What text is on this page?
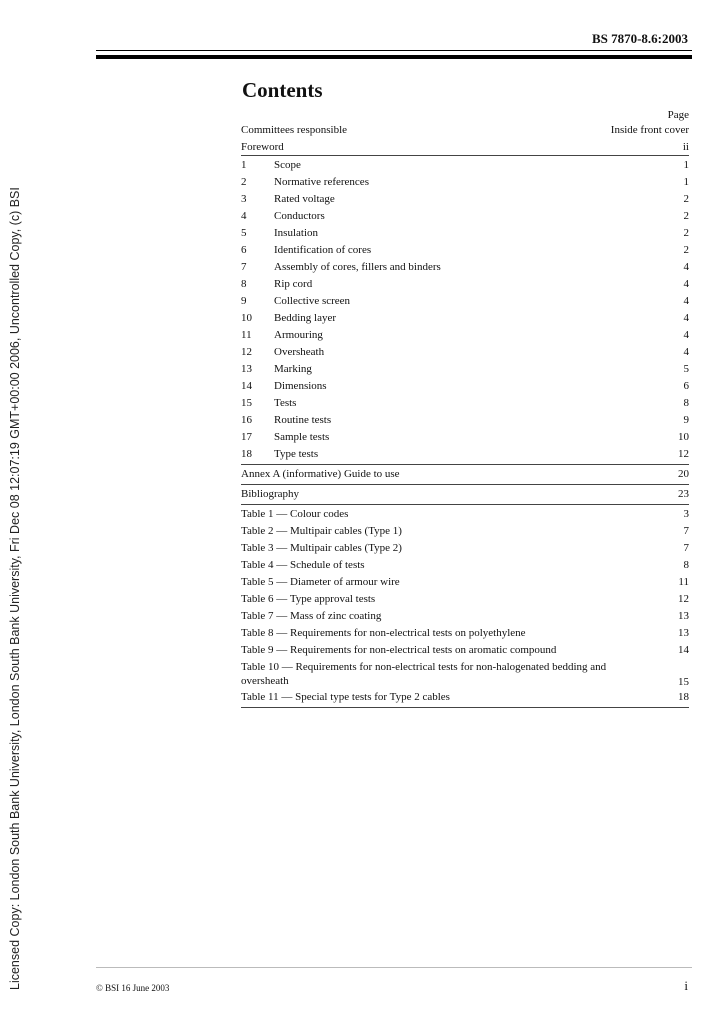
Licensed Copy: London South Bank University, London South Bank University, Fri Dec 08 12:07:19 GMT+00:00 2006, Uncontrolled Copy, (c) BSI
BS 7870-8.6:2003
Contents
Page
Committees responsible	Inside front cover
Foreword	ii
1	Scope	1
2	Normative references	1
3	Rated voltage	2
4	Conductors	2
5	Insulation	2
6	Identification of cores	2
7	Assembly of cores, fillers and binders	4
8	Rip cord	4
9	Collective screen	4
10	Bedding layer	4
11	Armouring	4
12	Oversheath	4
13	Marking	5
14	Dimensions	6
15	Tests	8
16	Routine tests	9
17	Sample tests	10
18	Type tests	12
Annex A (informative) Guide to use	20
Bibliography	23
Table 1 — Colour codes	3
Table 2 — Multipair cables (Type 1)	7
Table 3 — Multipair cables (Type 2)	7
Table 4 — Schedule of tests	8
Table 5 — Diameter of armour wire	11
Table 6 — Type approval tests	12
Table 7 — Mass of zinc coating	13
Table 8 — Requirements for non-electrical tests on polyethylene	13
Table 9 — Requirements for non-electrical tests on aromatic compound	14
Table 10 — Requirements for non-electrical tests for non-halogenated bedding and oversheath	15
Table 11 — Special type tests for Type 2 cables	18
© BSI 16 June 2003	i
